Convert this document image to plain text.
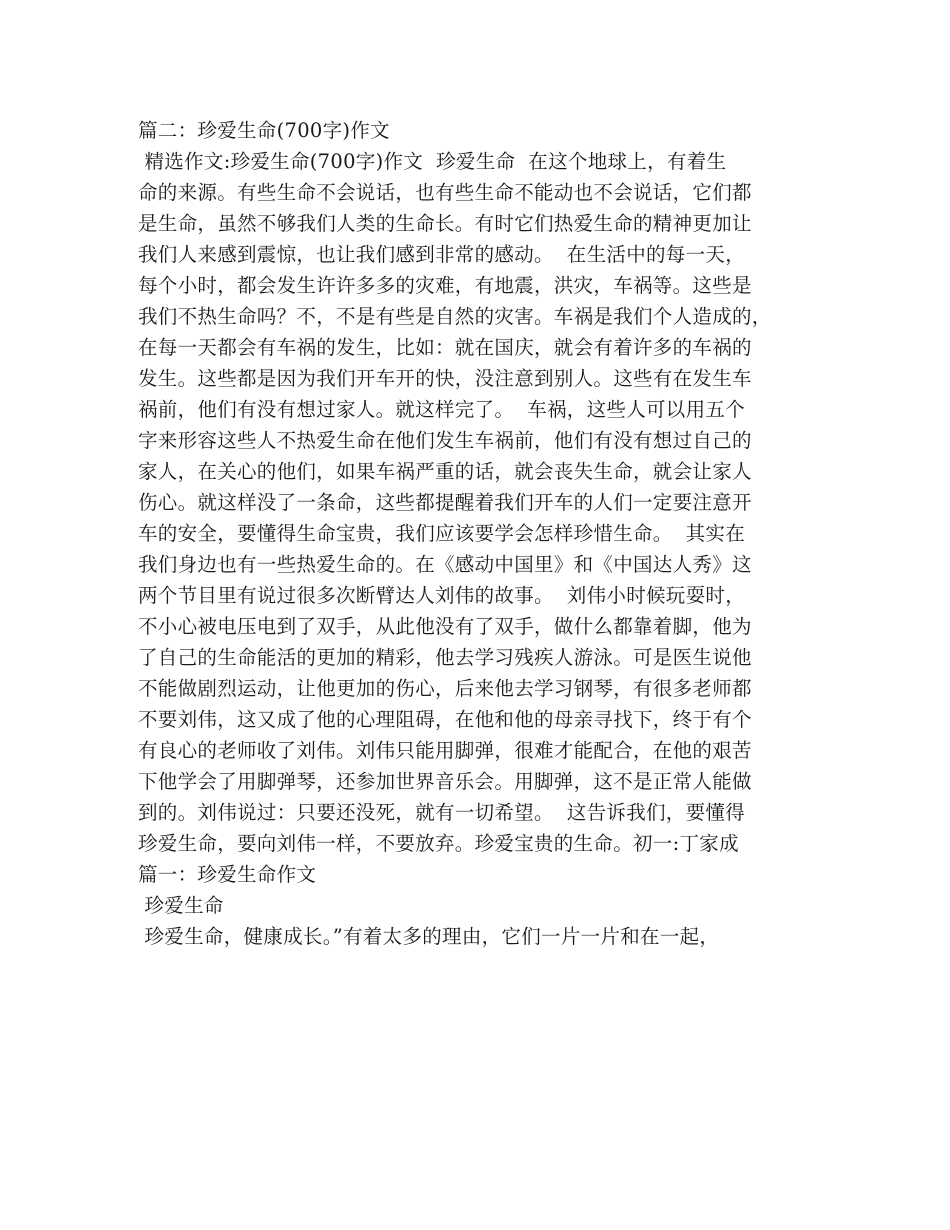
篇二：珍爱生命(700字)作文
精选作文:珍爱生命(700字)作文  珍爱生命  在这个地球上，有着生
命的来源。有些生命不会说话，也有些生命不能动也不会说话，它们都
是生命，虽然不够我们人类的生命长。有时它们热爱生命的精神更加让
我们人来感到震惊，也让我们感到非常的感动。  在生活中的每一天，
每个小时，都会发生许许多多的灾难，有地震，洪灾，车祸等。这些是
我们不热生命吗？不，不是有些是自然的灾害。车祸是我们个人造成的，
在每一天都会有车祸的发生，比如：就在国庆，就会有着许多的车祸的
发生。这些都是因为我们开车开的快，没注意到别人。这些有在发生车
祸前，他们有没有想过家人。就这样完了。  车祸，这些人可以用五个
字来形容这些人不热爱生命在他们发生车祸前，他们有没有想过自己的
家人，在关心的他们，如果车祸严重的话，就会丧失生命，就会让家人
伤心。就这样没了一条命，这些都提醒着我们开车的人们一定要注意开
车的安全，要懂得生命宝贵，我们应该要学会怎样珍惜生命。  其实在
我们身边也有一些热爱生命的。在《感动中国里》和《中国达人秀》这
两个节目里有说过很多次断臂达人刘伟的故事。  刘伟小时候玩耍时，
不小心被电压电到了双手，从此他没有了双手，做什么都靠着脚，他为
了自己的生命能活的更加的精彩，他去学习残疾人游泳。可是医生说他
不能做剧烈运动，让他更加的伤心，后来他去学习钢琴，有很多老师都
不要刘伟，这又成了他的心理阻碍，在他和他的母亲寻找下，终于有个
有良心的老师收了刘伟。刘伟只能用脚弹，很难才能配合，在他的艰苦
下他学会了用脚弹琴，还参加世界音乐会。用脚弹，这不是正常人能做
到的。刘伟说过：只要还没死，就有一切希望。  这告诉我们，要懂得
珍爱生命，要向刘伟一样，不要放弃。珍爱宝贵的生命。初一:丁家成
篇一：珍爱生命作文
珍爱生命
珍爱生命，健康成长。”有着太多的理由，它们一片一片和在一起，
